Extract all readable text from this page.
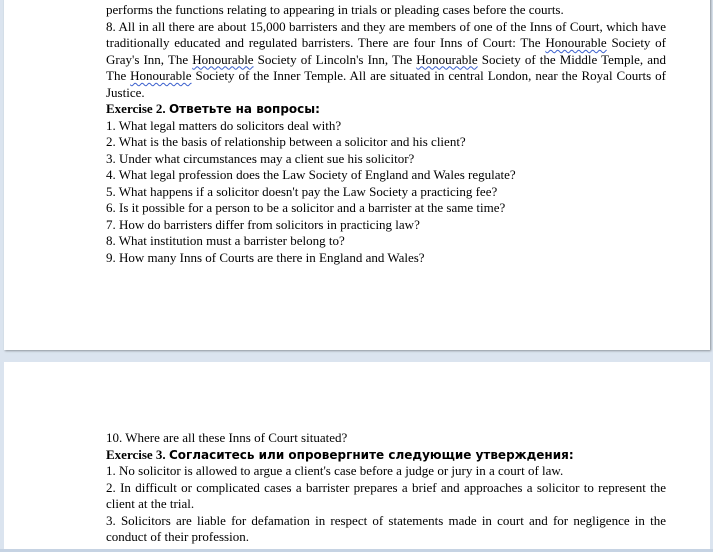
performs the functions relating to appearing in trials or pleading cases before the courts.

8. All in all there are about 15,000 barristers and they are members of one of the Inns of Court, which have traditionally educated and regulated barristers. There are four Inns of Court: The Honourable Society of Gray's Inn, The Honourable Society of Lincoln's Inn, The Honourable Society of the Middle Temple, and The Honourable Society of the Inner Temple. All are situated in central London, near the Royal Courts of Justice.

Exercise 2. Ответьте на вопросы:

1. What legal matters do solicitors deal with?

2. What is the basis of relationship between a solicitor and his client?

3. Under what circumstances may a client sue his solicitor?

4. What legal profession does the Law Society of England and Wales regulate?

5. What happens if a solicitor doesn't pay the Law Society a practicing fee?

6. Is it possible for a person to be a solicitor and a barrister at the same time?

7. How do barristers differ from solicitors in practicing law?

8. What institution must a barrister belong to?

9. How many Inns of Courts are there in England and Wales?

10. Where are all these Inns of Court situated?

Exercise 3. Согласитесь или опровергните следующие утверждения:

1. No solicitor is allowed to argue a client's case before a judge or jury in a court of law.

2. In difficult or complicated cases a barrister prepares a brief and approaches a solicitor to represent the client at the trial.

3. Solicitors are liable for defamation in respect of statements made in court and for negligence in the conduct of their profession.
